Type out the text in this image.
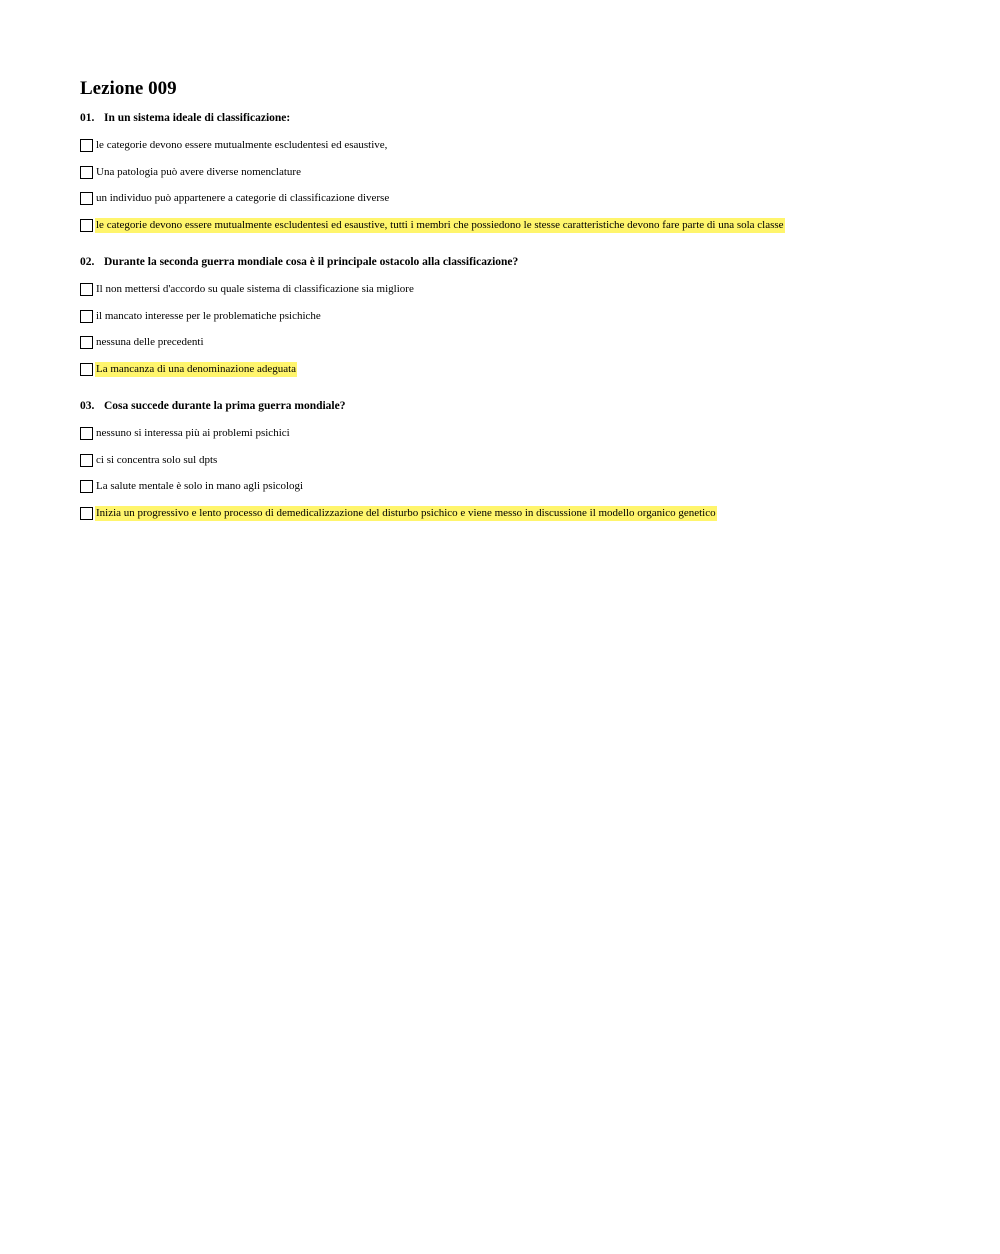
Lezione 009
01. In un sistema ideale di classificazione:
le categorie devono essere mutualmente escludentesi ed esaustive,
Una patologia può avere diverse nomenclature
un individuo può appartenere a categorie di classificazione diverse
le categorie devono essere mutualmente escludentesi ed esaustive, tutti i membri che possiedono le stesse caratteristiche devono fare parte di una sola classe
02. Durante la seconda guerra mondiale cosa è il principale ostacolo alla classificazione?
Il non mettersi d'accordo su quale sistema di classificazione sia migliore
il mancato interesse per le problematiche psichiche
nessuna delle precedenti
La mancanza di una denominazione adeguata
03. Cosa succede durante la prima guerra mondiale?
nessuno si interessa più ai problemi psichici
ci si concentra solo sul dpts
La salute mentale è solo in mano agli psicologi
Inizia un progressivo e lento processo di demedicalizzazione del disturbo psichico e viene messo in discussione il modello organico genetico
